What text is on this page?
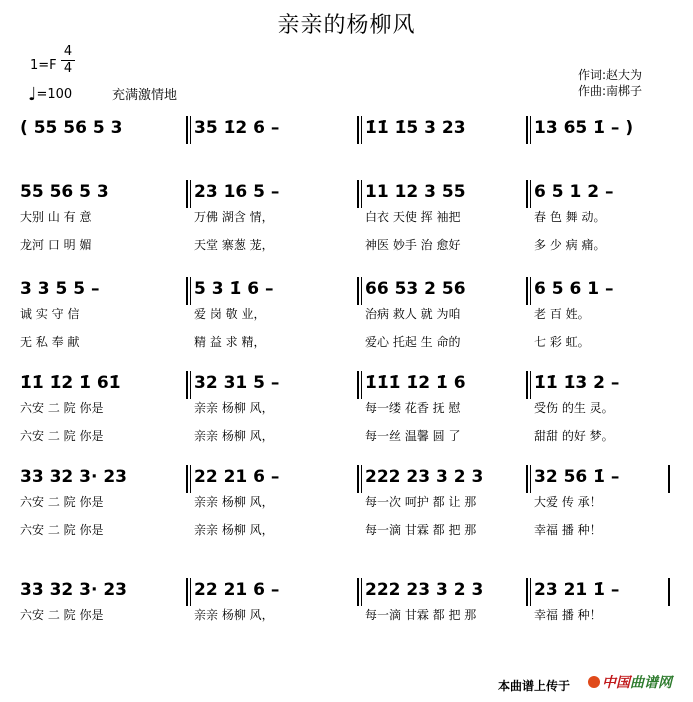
亲亲的杨柳风
1=F
4
4
♩=100	充满激情地
作词:赵大为
作曲:南梆子
( 55 56 5 3	35 1̇2 6 –	1̇1̇ 1̇5 3 23	13 65 1̇ – )
55 56 5 3	23 16 5 –	11 12 3 55	6 5 1 2 –
大别 山 有 意	万佛 湖含 情，	白衣 天使 挥 袖把	春 色 舞 动。
龙河 口 明 媚	天堂 寨葱 茏，	神医 妙手 治 愈好	多 少 病 痛。
3 3 5 5 –	5 3 1̇ 6 –	66 53 2 56	6 5 6 1 –
诚 实 守 信	爱 岗 敬 业，	治病 救人 就 为咱	老 百 姓。
无 私 奉 献	精 益 求 精，	爱心 托起 生 命的	七 彩 虹。
1̇1̇ 1̇2 1̇ 61̇	32 31 5 –	1̇1̇1̇ 1̇2 1̇ 6	1̇1̇ 1̇3 2 –
六安 二 院 你是	亲亲 杨柳 风，	每一缕 花香 抚 慰	受伤 的生 灵。
六安 二 院 你是	亲亲 杨柳 风，	每一丝 温馨 圆 了	甜甜 的好 梦。
33 32 3· 23	22 21 6 –	222 23 3 2 3	32 56 1̇ –
六安 二 院 你是	亲亲 杨柳 风，	每一次 呵护 都 让 那	大爱 传 承！
六安 二 院 你是	亲亲 杨柳 风，	每一滴 甘霖 都 把 那	幸福 播 种！
33 32 3· 23	22 21 6 –	222 23 3 2 3	23 21 1̇ –
六安 二 院 你是	亲亲 杨柳 风，	每一滴 甘霖 都 把 那	幸福 播 种！
本曲谱上传于	中国曲谱网
